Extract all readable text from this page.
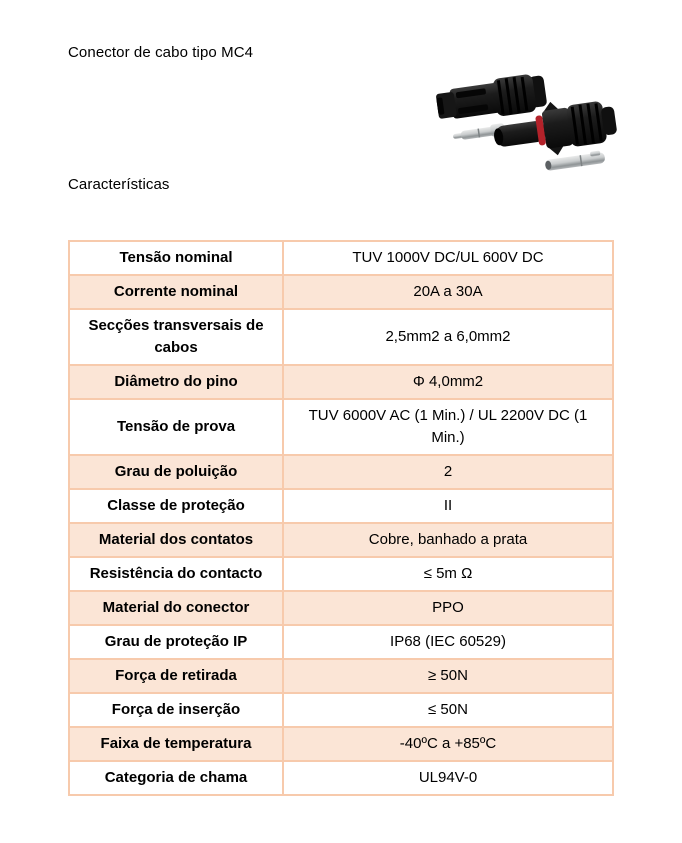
Conector de cabo tipo MC4
Características
Tensão nominal	TUV 1000V DC/UL 600V DC
Corrente nominal	20A a 30A
Secções transversais de cabos	2,5mm2 a 6,0mm2
Diâmetro do pino	Φ 4,0mm2
Tensão de prova	TUV 6000V AC (1 Min.) / UL 2200V DC (1 Min.)
Grau de poluição	2
Classe de proteção	II
Material dos contatos	Cobre, banhado a prata
Resistência do contacto	≤ 5m Ω
Material do conector	PPO
Grau de proteção IP	IP68 (IEC 60529)
Força de retirada	≥ 50N
Força de inserção	≤ 50N
Faixa de temperatura	-40ºC a +85ºC
Categoria de chama	UL94V-0
